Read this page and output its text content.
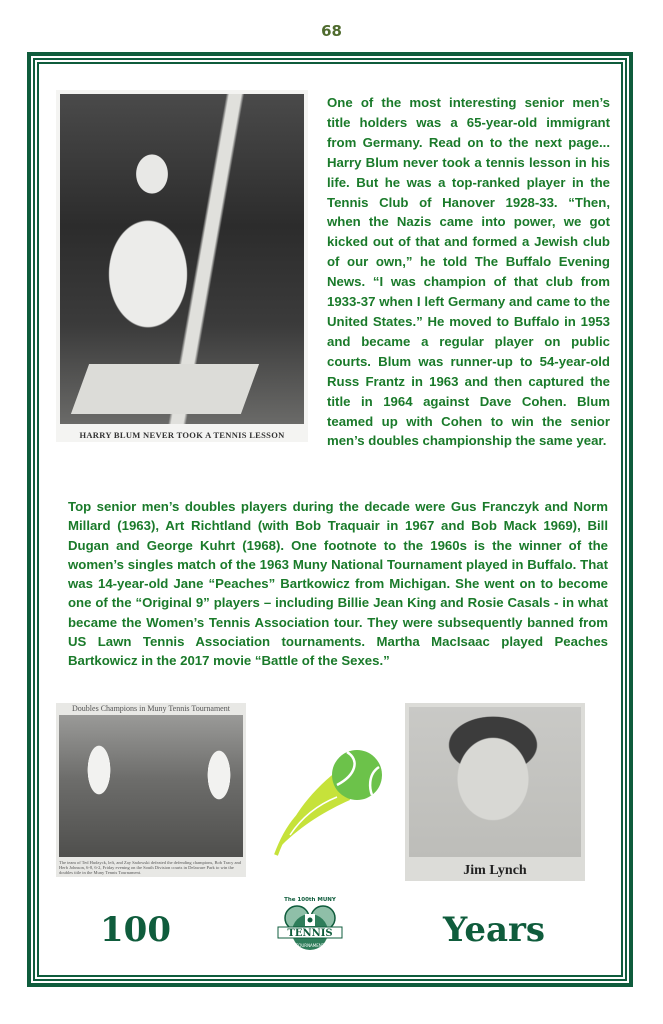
68
HARRY BLUM NEVER TOOK A TENNIS LESSON
One of the most interesting senior men’s title holders was a 65-year-old immigrant from Germany. Read on to the next page... Harry Blum never took a tennis lesson in his life. But he was a top-ranked player in the Tennis Club of Hanover 1928-33. “Then, when the Nazis came into power, we got kicked out of that and formed a Jewish club of our own,” he told The Buffalo Evening News. “I was champion of that club from 1933-37 when I left Germany and came to the United States.” He moved to Buffalo in 1953 and became a regular player on public courts. Blum was runner-up to 54-year-old Russ Frantz in 1963 and then captured the title in 1964 against Dave Cohen. Blum teamed up with Cohen to win the senior men’s doubles championship the same year.
Top senior men’s doubles players during the decade were Gus Franczyk and Norm Millard (1963), Art Richtland (with Bob Traquair in 1967 and Bob Mack 1969), Bill Dugan and George Kuhrt (1968). One footnote to the 1960s is the winner of the women’s singles match of the 1963 Muny National Tournament played in Buffalo. That was 14-year-old Jane “Peaches” Bartkowicz from Michigan. She went on to become one of the “Original 9” players – including Billie Jean King and Rosie Casals - in what became the Women’s Tennis Association tour. They were subsequently banned from US Lawn Tennis Association tournaments. Martha MacIsaac played Peaches Bartkowicz in the 2017 movie “Battle of the Sexes.”
Doubles Champions in Muny Tennis Tournament
The team of Ted Hudzyck, left, and Zay Sadowski defeated the defending champions, Bob Tracy and Herb Johnson, 6-8, 6-2, Friday evening on the South Division courts in Delaware Park to win the doubles title in the Muny Tennis Tournament.	Jim Lynch
100
The 100th MUNY
TENNIS
TOURNAMENT	Years
